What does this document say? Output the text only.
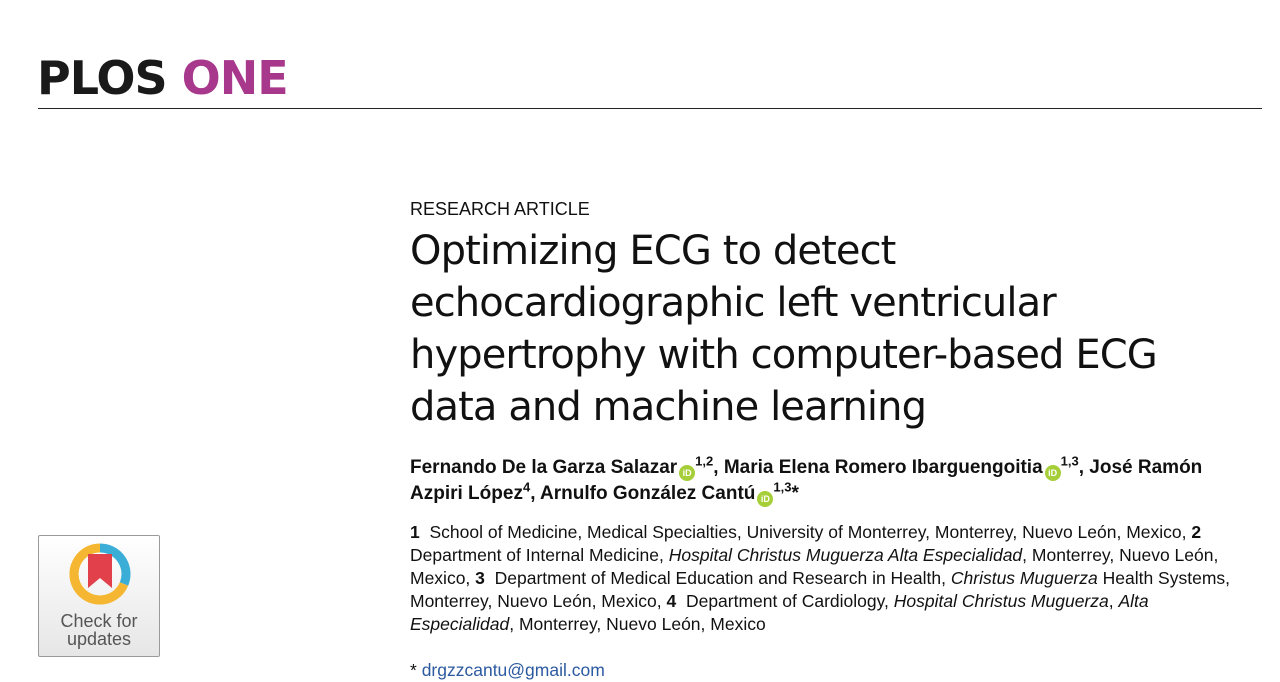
PLOS ONE
Check for
updates
RESEARCH ARTICLE
Optimizing ECG to detect echocardiographic left ventricular hypertrophy with computer-based ECG data and machine learning
Fernando De la Garza Salazar iD$^{1,2}$, Maria Elena Romero Ibarguengoitia iD$^{1,3}$, José Ramón Azpiri López$^4$, Arnulfo González Cantú iD$^{1,3}$*
1 School of Medicine, Medical Specialties, University of Monterrey, Monterrey, Nuevo León, Mexico, 2  Department of Internal Medicine, Hospital Christus Muguerza Alta Especialidad, Monterrey, Nuevo León, Mexico, 3 Department of Medical Education and Research in Health, Christus Muguerza Health Systems, Monterrey, Nuevo León, Mexico, 4 Department of Cardiology, Hospital Christus Muguerza, Alta Especialidad, Monterrey, Nuevo León, Mexico
* drgzzcantu@gmail.com
